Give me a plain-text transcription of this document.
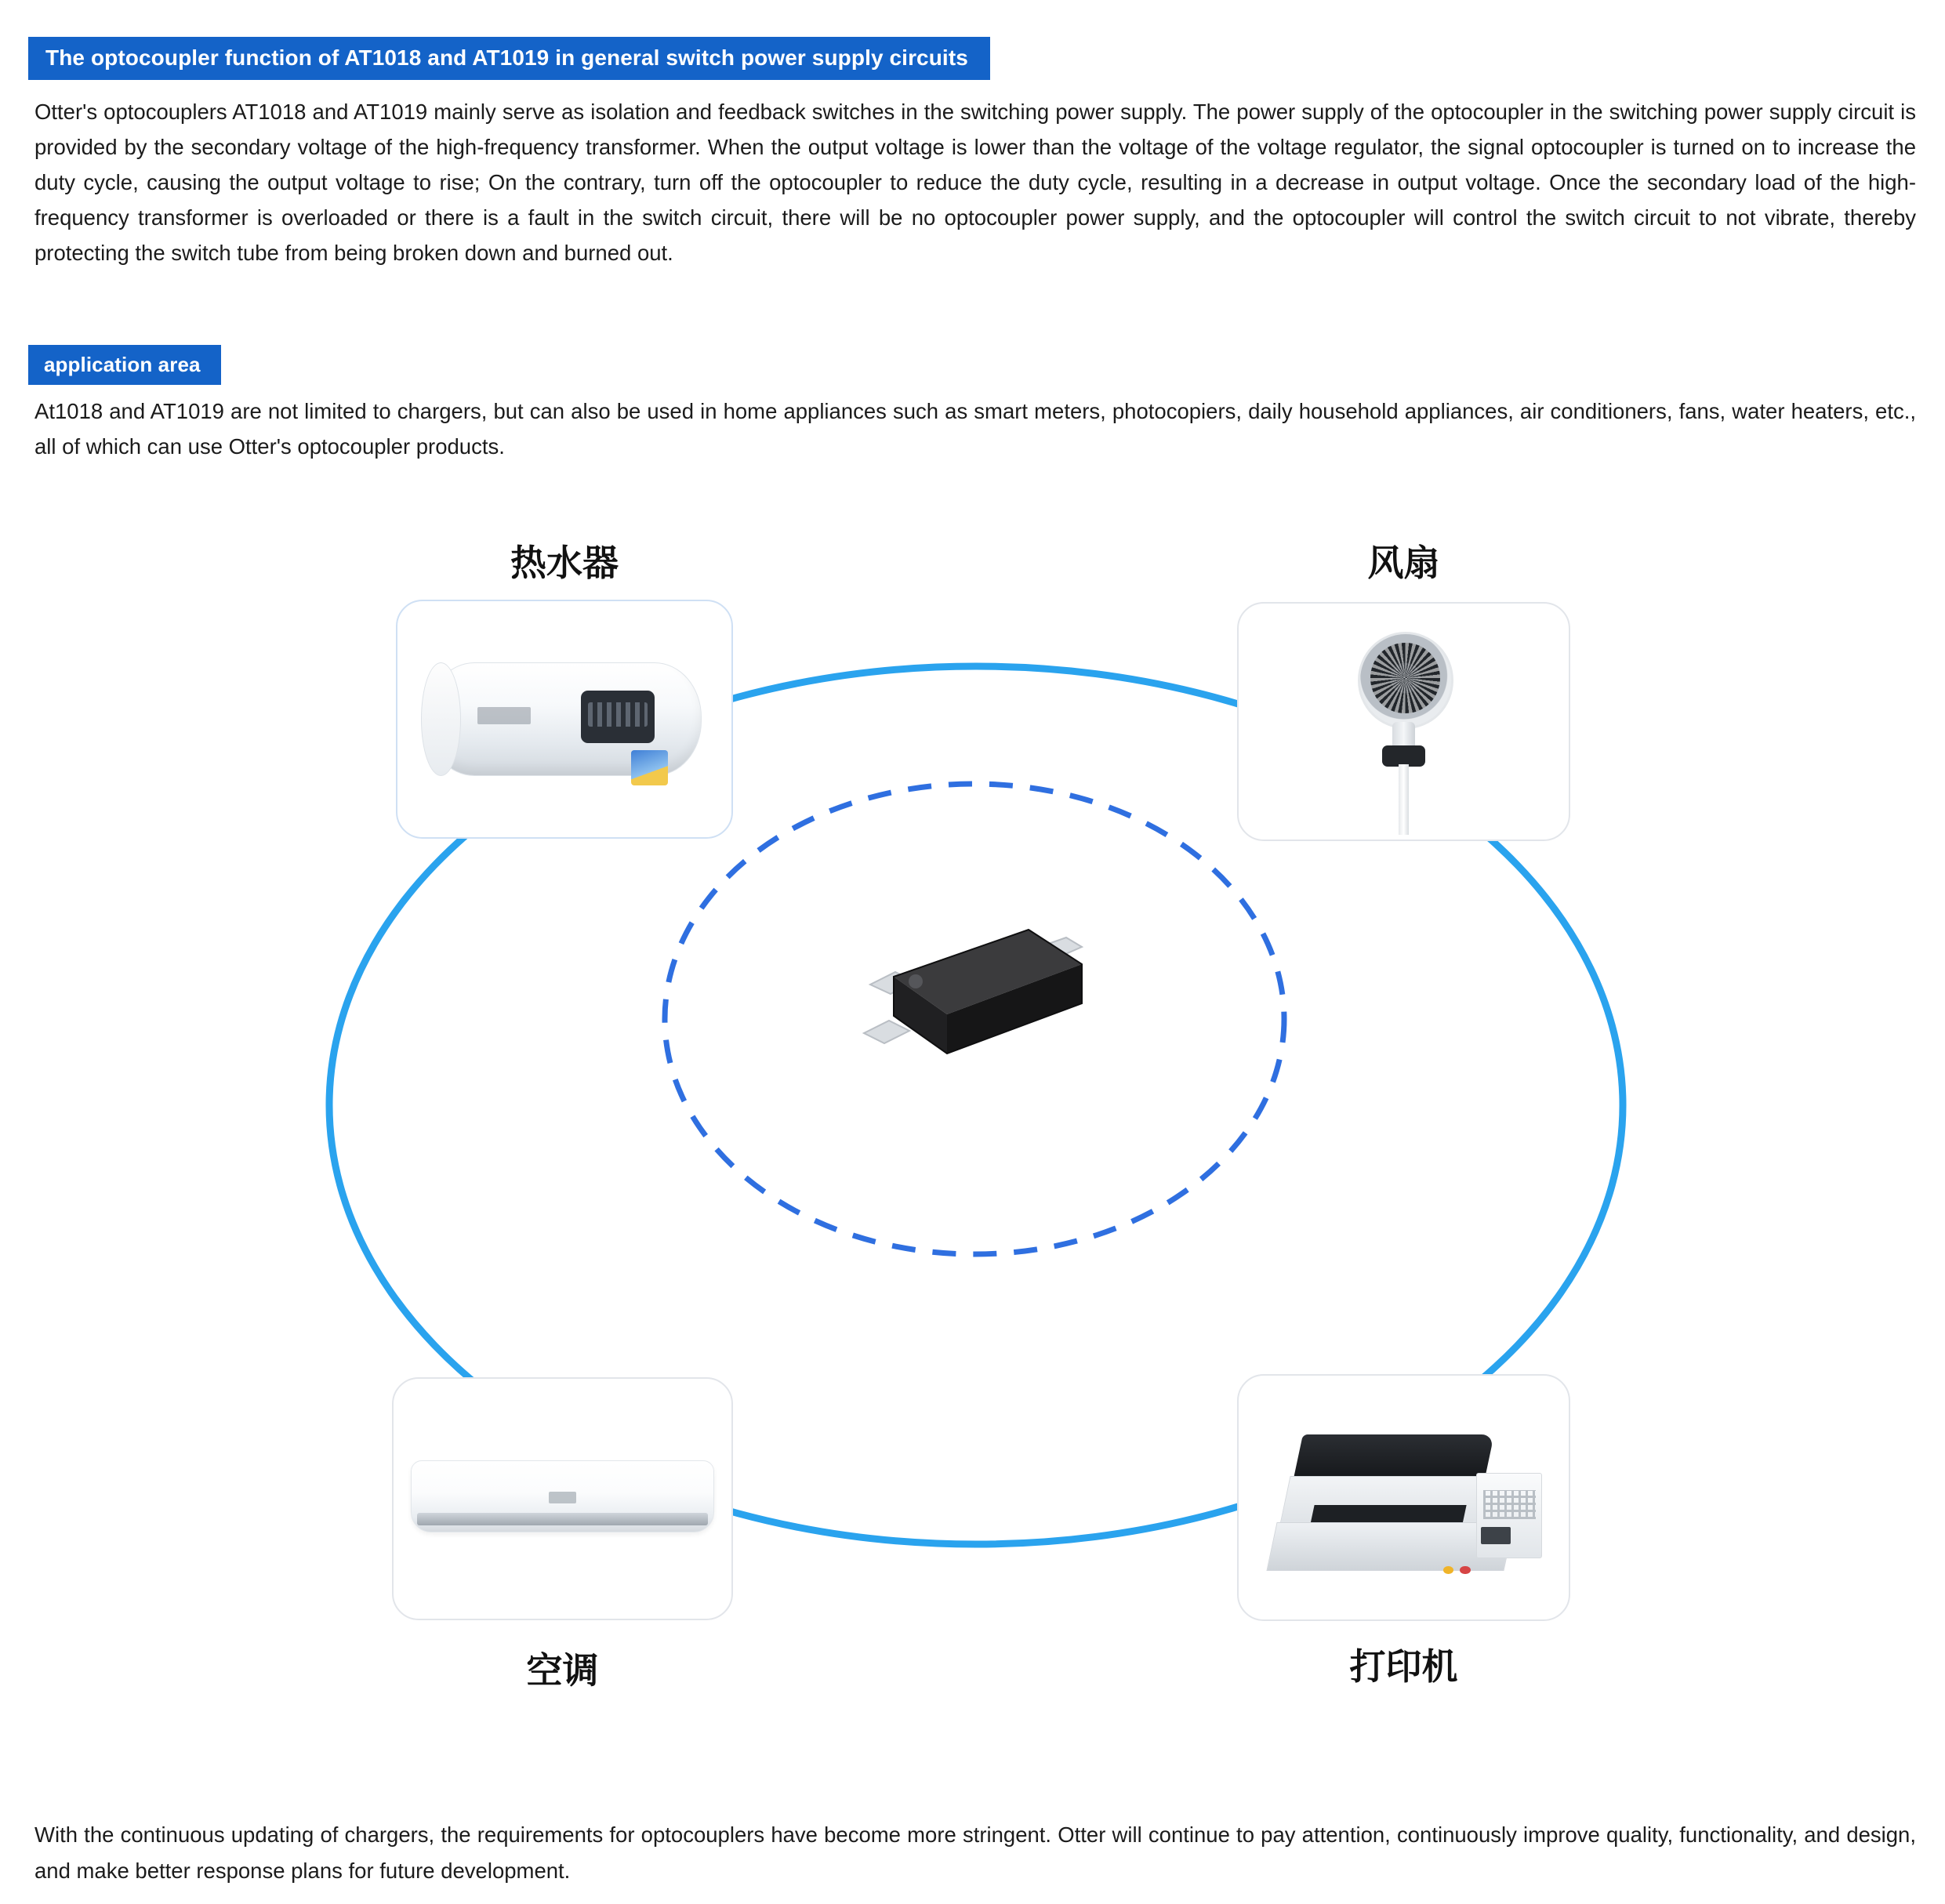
The optocoupler function of AT1018 and AT1019 in general switch power supply circuits
Otter's optocouplers AT1018 and AT1019 mainly serve as isolation and feedback switches in the switching power supply. The power supply of the optocoupler in the switching power supply circuit is provided by the secondary voltage of the high-frequency transformer. When the output voltage is lower than the voltage of the voltage regulator, the signal optocoupler is turned on to increase the duty cycle, causing the output voltage to rise; On the contrary, turn off the optocoupler to reduce the duty cycle, resulting in a decrease in output voltage. Once the secondary load of the high-frequency transformer is overloaded or there is a fault in the switch circuit, there will be no optocoupler power supply, and the optocoupler will control the switch circuit to not vibrate, thereby protecting the switch tube from being broken down and burned out.
application area
At1018 and AT1019 are not limited to chargers, but can also be used in home appliances such as smart meters, photocopiers, daily household appliances, air conditioners, fans, water heaters, etc., all of which can use Otter's optocoupler products.
热水器	风扇
空调	打印机
With the continuous updating of chargers, the requirements for optocouplers have become more stringent. Otter will continue to pay attention, continuously improve quality, functionality, and design, and make better response plans for future development.
